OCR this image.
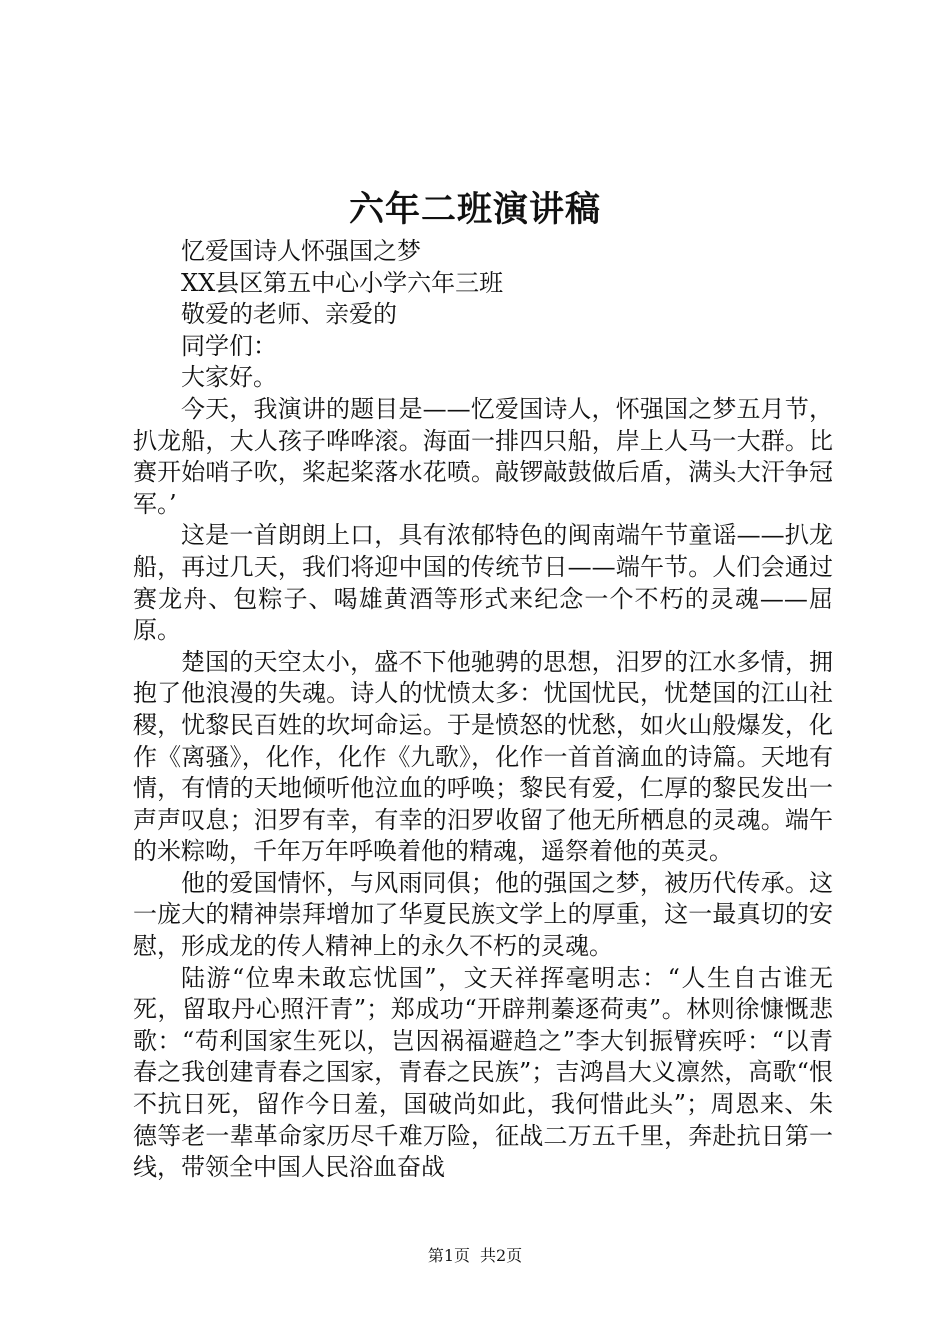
六年二班演讲稿

忆爱国诗人怀强国之梦

XX县区第五中心小学六年三班

敬爱的老师、亲爱的

同学们：

大家好。

今天，我演讲的题目是——忆爱国诗人，怀强国之梦五月节，扒龙船，大人孩子哗哗滚。海面一排四只船，岸上人马一大群。比赛开始哨子吹，桨起桨落水花喷。敲锣敲鼓做后盾，满头大汗争冠军。’

这是一首朗朗上口，具有浓郁特色的闽南端午节童谣——扒龙船，再过几天，我们将迎中国的传统节日——端午节。人们会通过赛龙舟、包粽子、喝雄黄酒等形式来纪念一个不朽的灵魂——屈原。

楚国的天空太小，盛不下他驰骋的思想，汨罗的江水多情，拥抱了他浪漫的失魂。诗人的忧愤太多：忧国忧民，忧楚国的江山社稷，忧黎民百姓的坎坷命运。于是愤怒的忧愁，如火山般爆发，化作《离骚》，化作，化作《九歌》，化作一首首滴血的诗篇。天地有情，有情的天地倾听他泣血的呼唤；黎民有爱，仁厚的黎民发出一声声叹息；汨罗有幸，有幸的汨罗收留了他无所栖息的灵魂。端午的米粽呦，千年万年呼唤着他的精魂，遥祭着他的英灵。

他的爱国情怀，与风雨同俱；他的强国之梦，被历代传承。这一庞大的精神崇拜增加了华夏民族文学上的厚重，这一最真切的安慰，形成龙的传人精神上的永久不朽的灵魂。

陆游“位卑未敢忘忧国”，文天祥挥毫明志：“人生自古谁无死，留取丹心照汗青”；郑成功“开辟荆蓁逐荷夷”。林则徐慷慨悲歌：“苟利国家生死以，岂因祸福避趋之”李大钊振臂疾呼：“以青春之我创建青春之国家，青春之民族”；吉鸿昌大义凛然，高歌“恨不抗日死，留作今日羞，国破尚如此，我何惜此头”；周恩来、朱德等老一辈革命家历尽千难万险，征战二万五千里，奔赴抗日第一线，带领全中国人民浴血奋战

第1页 共2页
